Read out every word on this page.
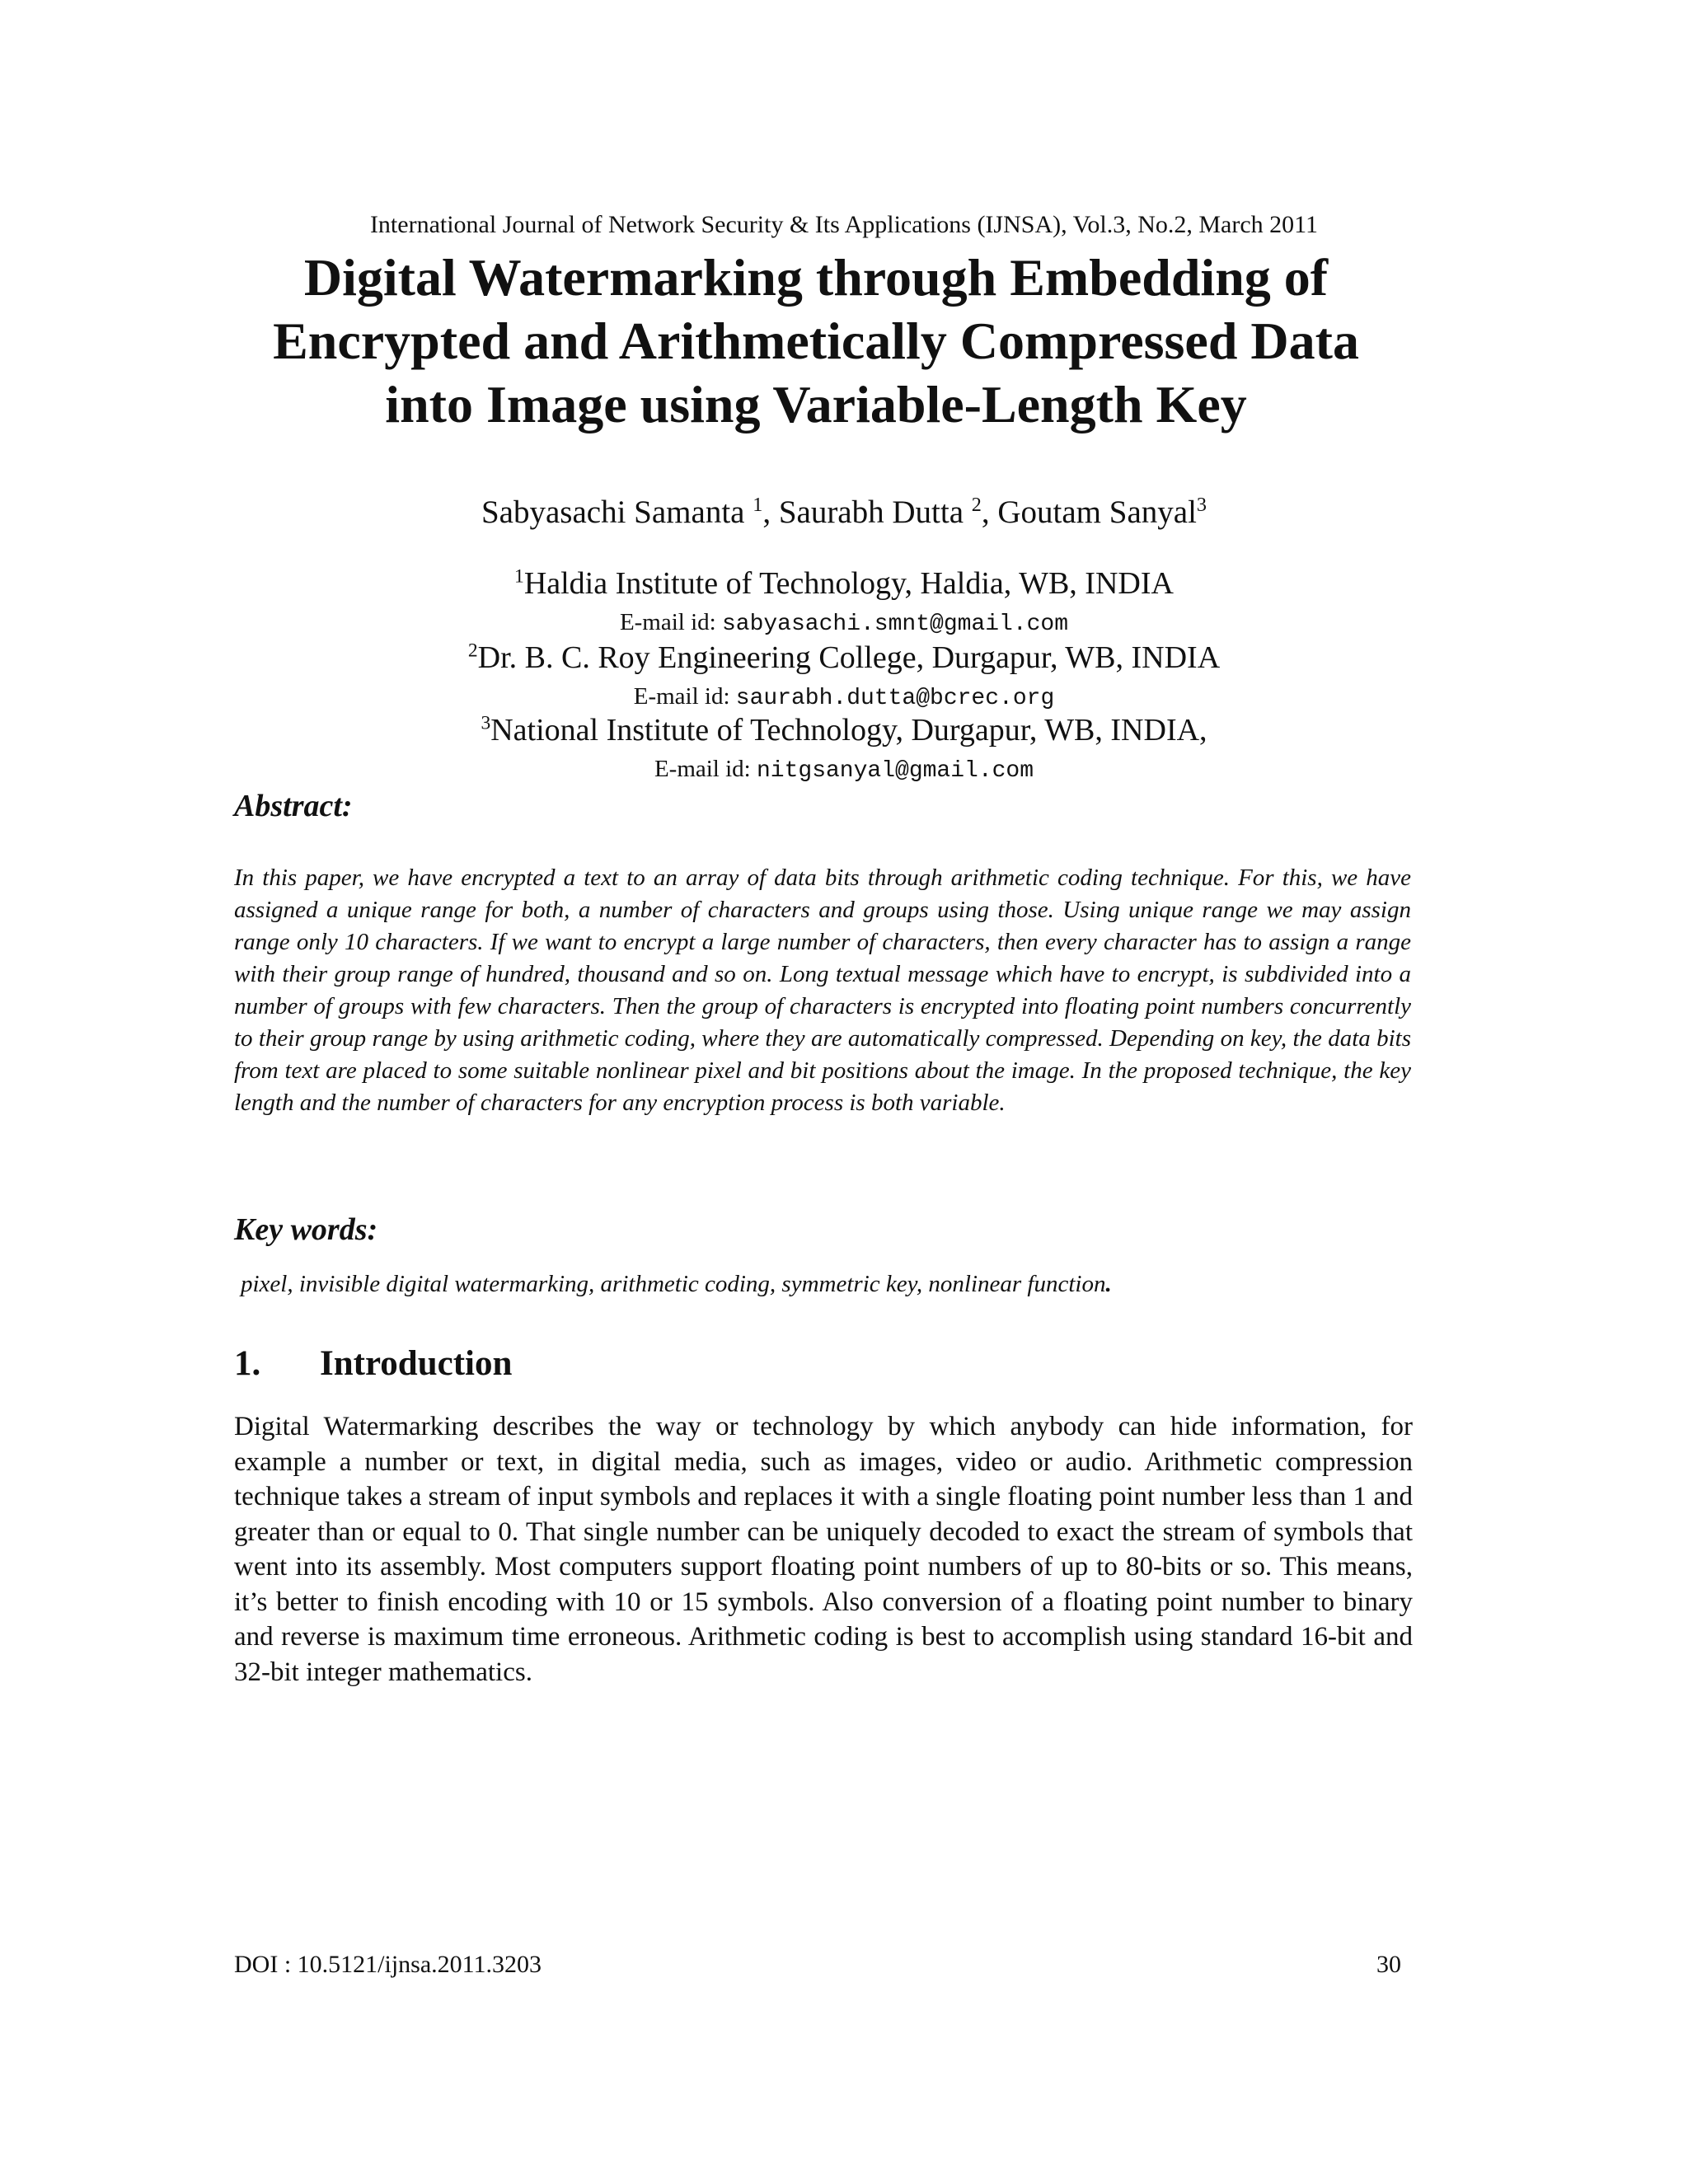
International Journal of Network Security & Its Applications (IJNSA), Vol.3, No.2, March 2011
Digital Watermarking through Embedding of
Encrypted and Arithmetically Compressed Data
into Image using Variable-Length Key
Sabyasachi Samanta $^1$, Saurabh Dutta $^2$, Goutam Sanyal$^3$
$^1$Haldia Institute of Technology, Haldia, WB, INDIA
E-mail id: sabyasachi.smnt@gmail.com
$^2$Dr. B. C. Roy Engineering College, Durgapur, WB, INDIA
E-mail id: saurabh.dutta@bcrec.org
$^3$National Institute of Technology, Durgapur, WB, INDIA,
E-mail id: nitgsanyal@gmail.com
Abstract:

In this paper, we have encrypted a text to an array of data bits through arithmetic coding technique. For this, we have assigned a unique range for both, a number of characters and groups using those. Using unique range we may assign range only 10 characters. If we want to encrypt a large number of characters, then every character has to assign a range with their group range of hundred, thousand and so on. Long textual message which have to encrypt, is subdivided into a number of groups with few characters. Then the group of characters is encrypted into floating point numbers concurrently to their group range by using arithmetic coding, where they are automatically compressed. Depending on key, the data bits from text are placed to some suitable nonlinear pixel and bit positions about the image. In the proposed technique, the key length and the number of characters for any encryption process is both variable.

Key words:

pixel, invisible digital watermarking, arithmetic coding, symmetric key, nonlinear function.

1. Introduction

Digital Watermarking describes the way or technology by which anybody can hide information, for example a number or text, in digital media, such as images, video or audio. Arithmetic compression technique takes a stream of input symbols and replaces it with a single floating point number less than 1 and greater than or equal to 0. That single number can be uniquely decoded to exact the stream of symbols that went into its assembly. Most computers support floating point numbers of up to 80-bits or so. This means, it’s better to finish encoding with 10 or 15 symbols. Also conversion of a floating point number to binary and reverse is maximum time erroneous. Arithmetic coding is best to accomplish using standard 16-bit and 32-bit integer mathematics.

DOI : 10.5121/ijnsa.2011.3203	30
